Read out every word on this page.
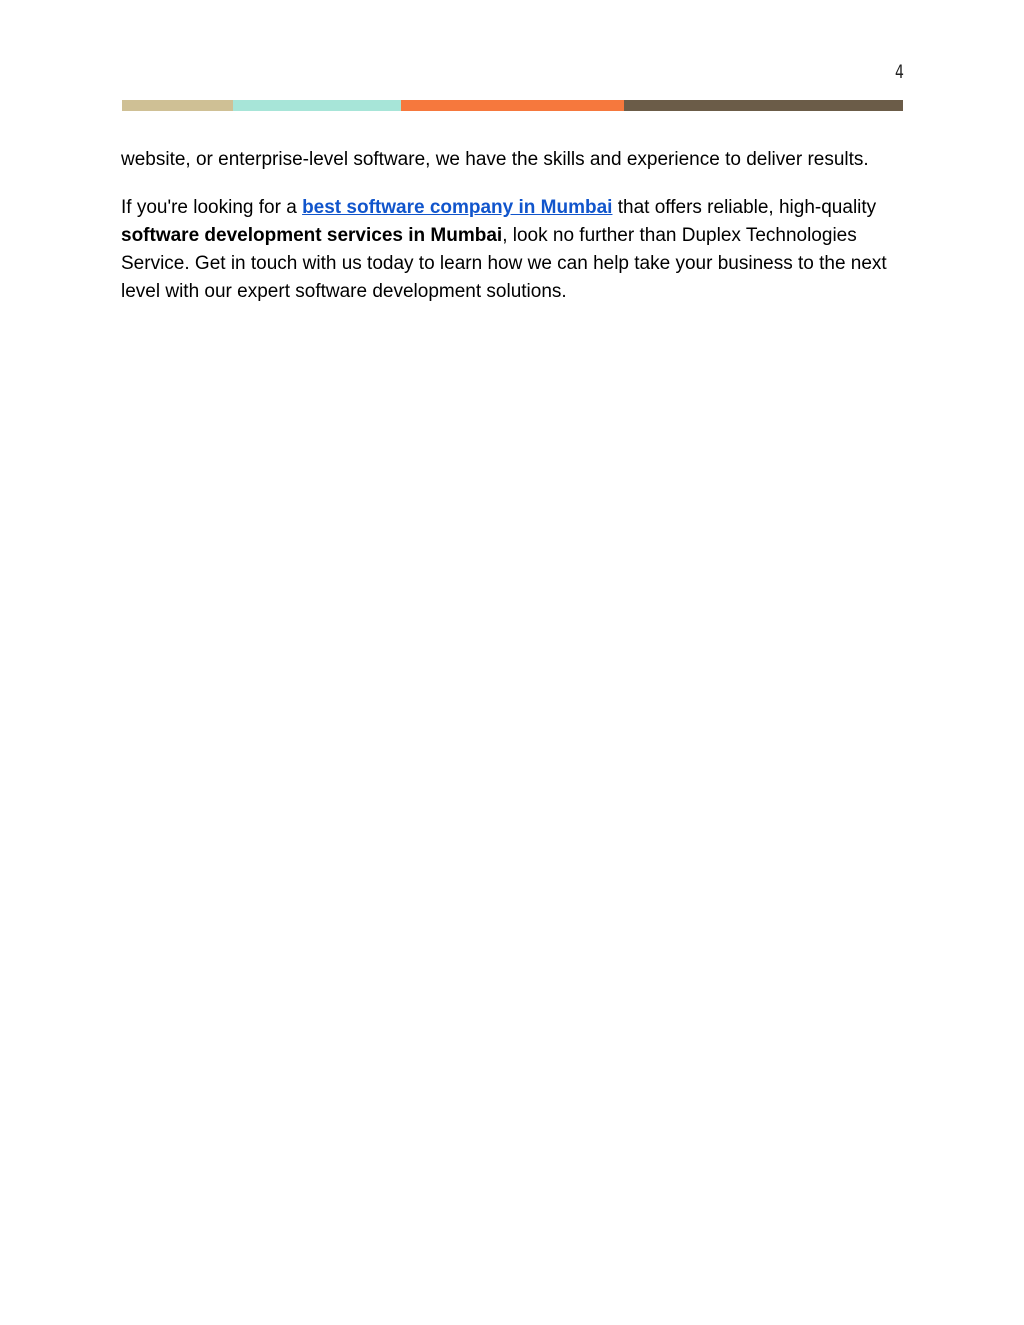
4

website, or enterprise-level software, we have the skills and experience to deliver results.

If you're looking for a best software company in Mumbai that offers reliable, high-quality software development services in Mumbai, look no further than Duplex Technologies Service. Get in touch with us today to learn how we can help take your business to the next level with our expert software development solutions.
